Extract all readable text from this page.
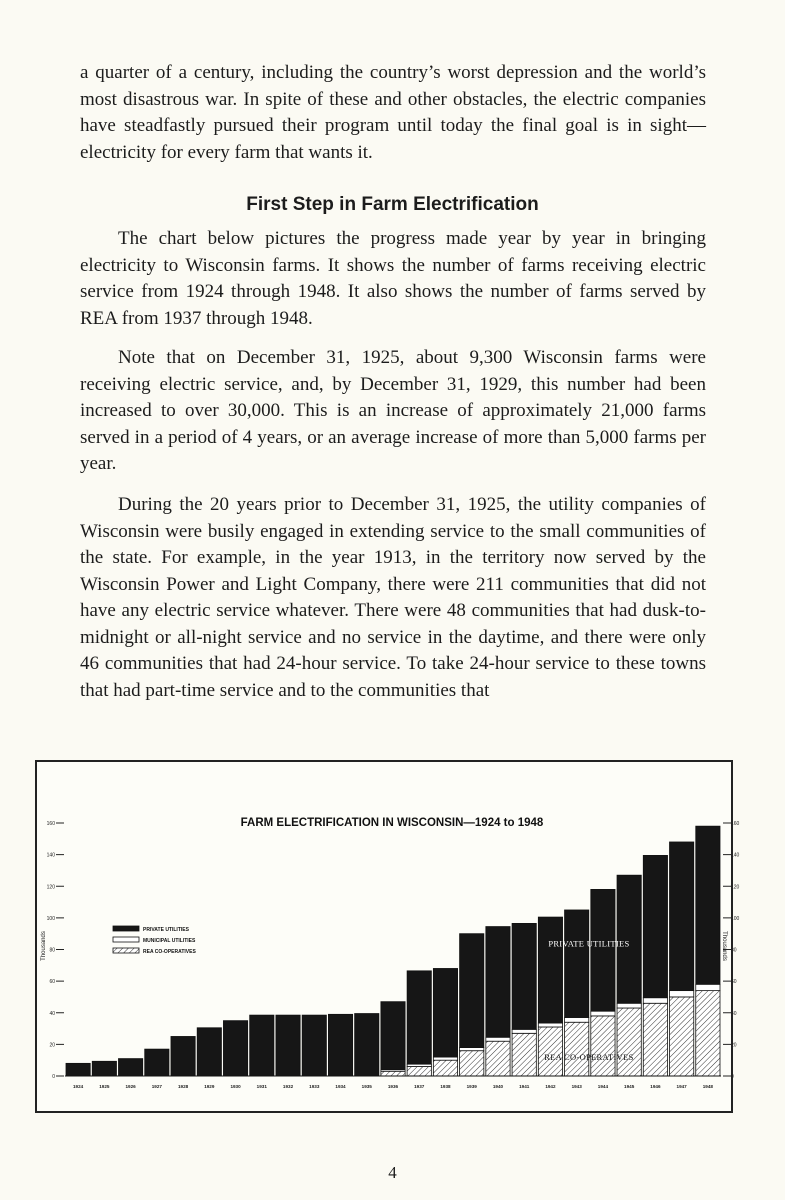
a quarter of a century, including the country’s worst depression and the world’s most disastrous war. In spite of these and other obstacles, the electric companies have steadfastly pursued their program until today the final goal is in sight—electricity for every farm that wants it.

First Step in Farm Electrification

The chart below pictures the progress made year by year in bringing electricity to Wisconsin farms. It shows the number of farms receiving electric service from 1924 through 1948. It also shows the number of farms served by REA from 1937 through 1948.

Note that on December 31, 1925, about 9,300 Wisconsin farms were receiving electric service, and, by December 31, 1929, this number had been increased to over 30,000. This is an increase of approximately 21,000 farms served in a period of 4 years, or an average increase of more than 5,000 farms per year.

During the 20 years prior to December 31, 1925, the utility companies of Wisconsin were busily engaged in extending service to the small communities of the state. For example, in the year 1913, in the territory now served by the Wisconsin Power and Light Company, there were 211 communities that did not have any electric service whatever. There were 48 communities that had dusk-to-midnight or all-night service and no service in the daytime, and there were only 46 communities that had 24-hour service. To take 24-hour service to these towns that had part-time service and to the communities that

FARM ELECTRIFICATION IN WISCONSIN—1924 to 1948
Thousands	Thousands
0
20
40
60
80
100
120
140
160
0
20
40
60
80
100
120
140
160
1924	1925	1926	1927	1928	1929	1930	1931	1932	1933	1934	1935	1936	1937	1938	1939	1940	1941	1942	1943	1944	1945	1946	1947	1948
PRIVATE UTILITIES
MUNICIPAL UTILITIES
REA CO-OPERATIVES
PRIVATE UTILITIES
REA CO-OPERATIVES
4
